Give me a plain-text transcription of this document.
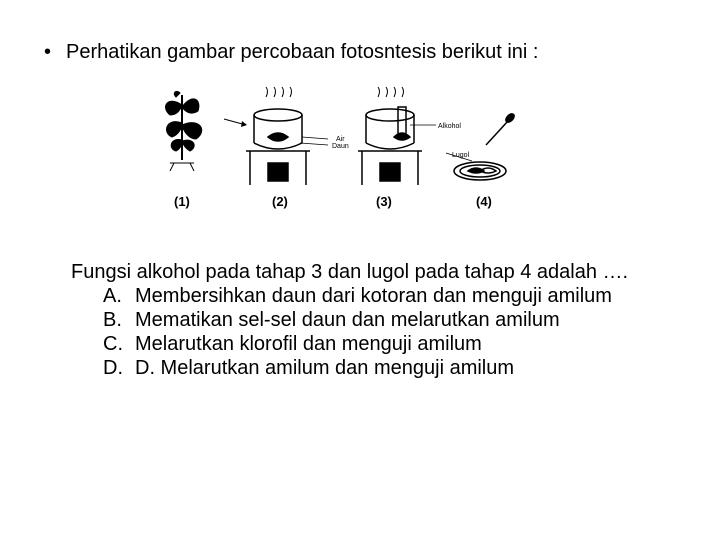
• Perhatikan gambar percobaan fotosntesis berikut ini :
Air
Daun
Alkohol
Lugol
(1)	(2)	(3)	(4)

Fungsi alkohol pada tahap 3 dan lugol pada tahap 4 adalah ….

A. Membersihkan daun dari kotoran dan menguji amilum
B. Mematikan sel-sel daun dan melarutkan amilum
C. Melarutkan klorofil dan menguji amilum
D. D. Melarutkan amilum dan menguji amilum
